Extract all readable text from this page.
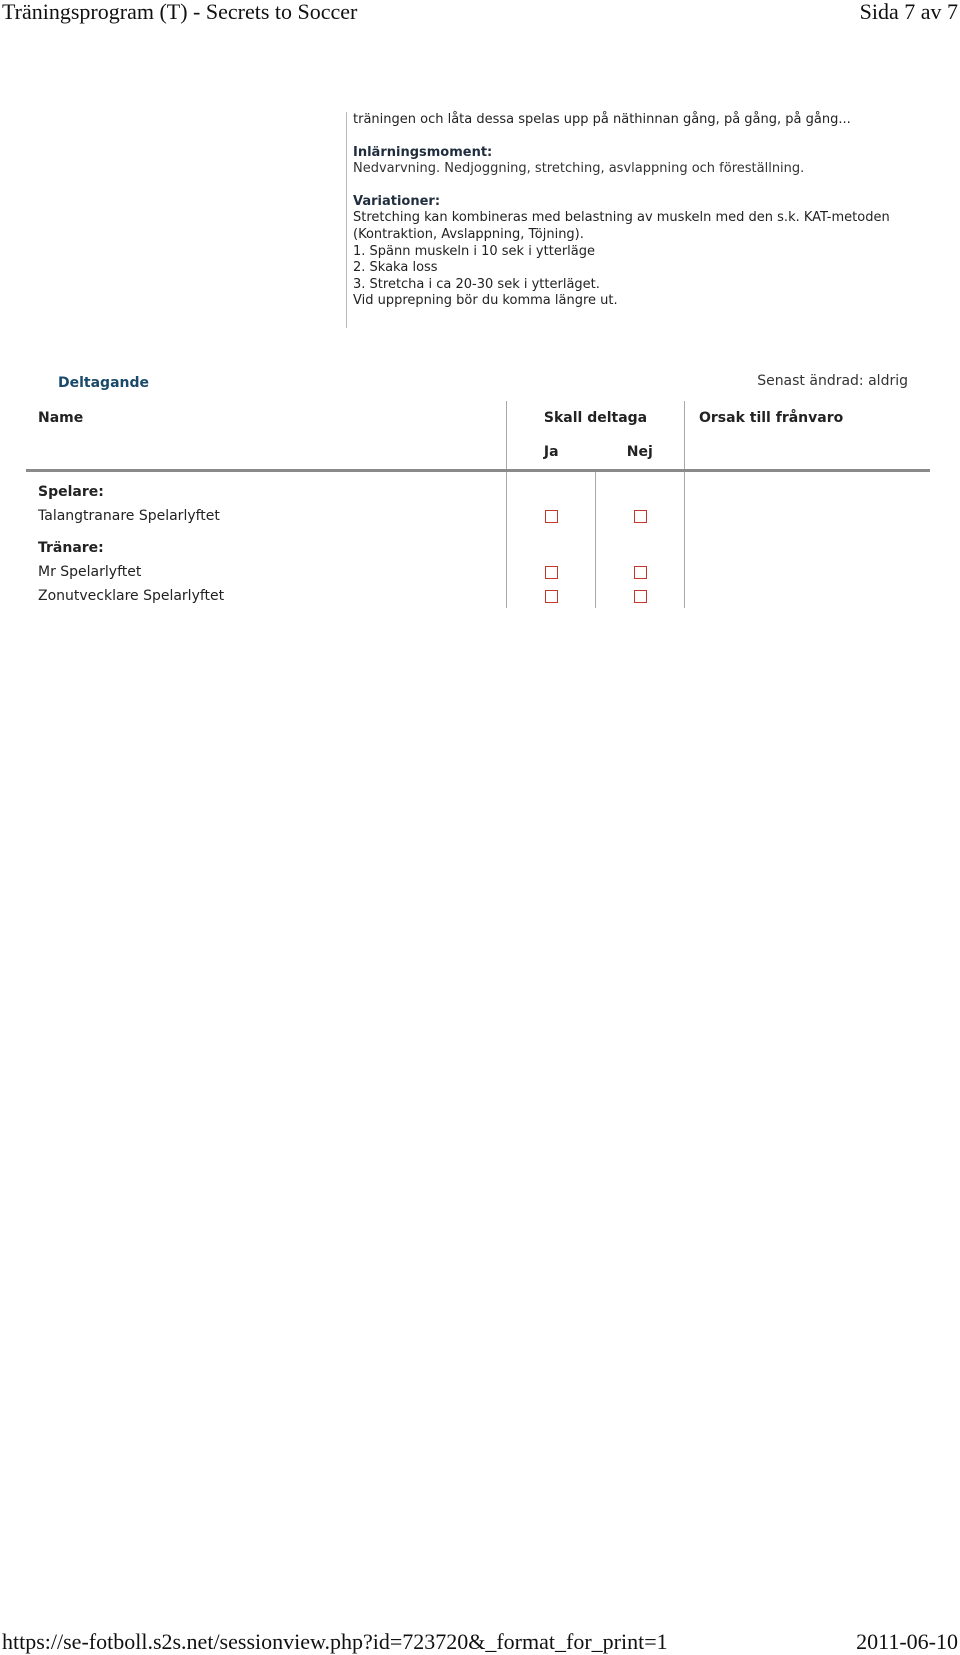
Träningsprogram (T) - Secrets to Soccer	Sida 7 av 7

träningen och låta dessa spelas upp på näthinnan gång, på gång, på gång...

Inlärningsmoment:

Nedvarvning. Nedjoggning, stretching, asvlappning och föreställning.

Variationer:

Stretching kan kombineras med belastning av muskeln med den s.k. KAT-metoden (Kontraktion, Avslappning, Töjning).

1. Spänn muskeln i 10 sek i ytterläge

2. Skaka loss

3. Stretcha i ca 20-30 sek i ytterläget.

Vid upprepning bör du komma längre ut.

Deltagande	Senast ändrad: aldrig
Name	Skall deltaga		Orsak till frånvaro
	Ja	Nej	
Spelare:			
Talangtranare Spelarlyftet			
Tränare:			
Mr Spelarlyftet			
Zonutvecklare Spelarlyftet			
https://se-fotboll.s2s.net/sessionview.php?id=723720&_format_for_print=1	2011-06-10
